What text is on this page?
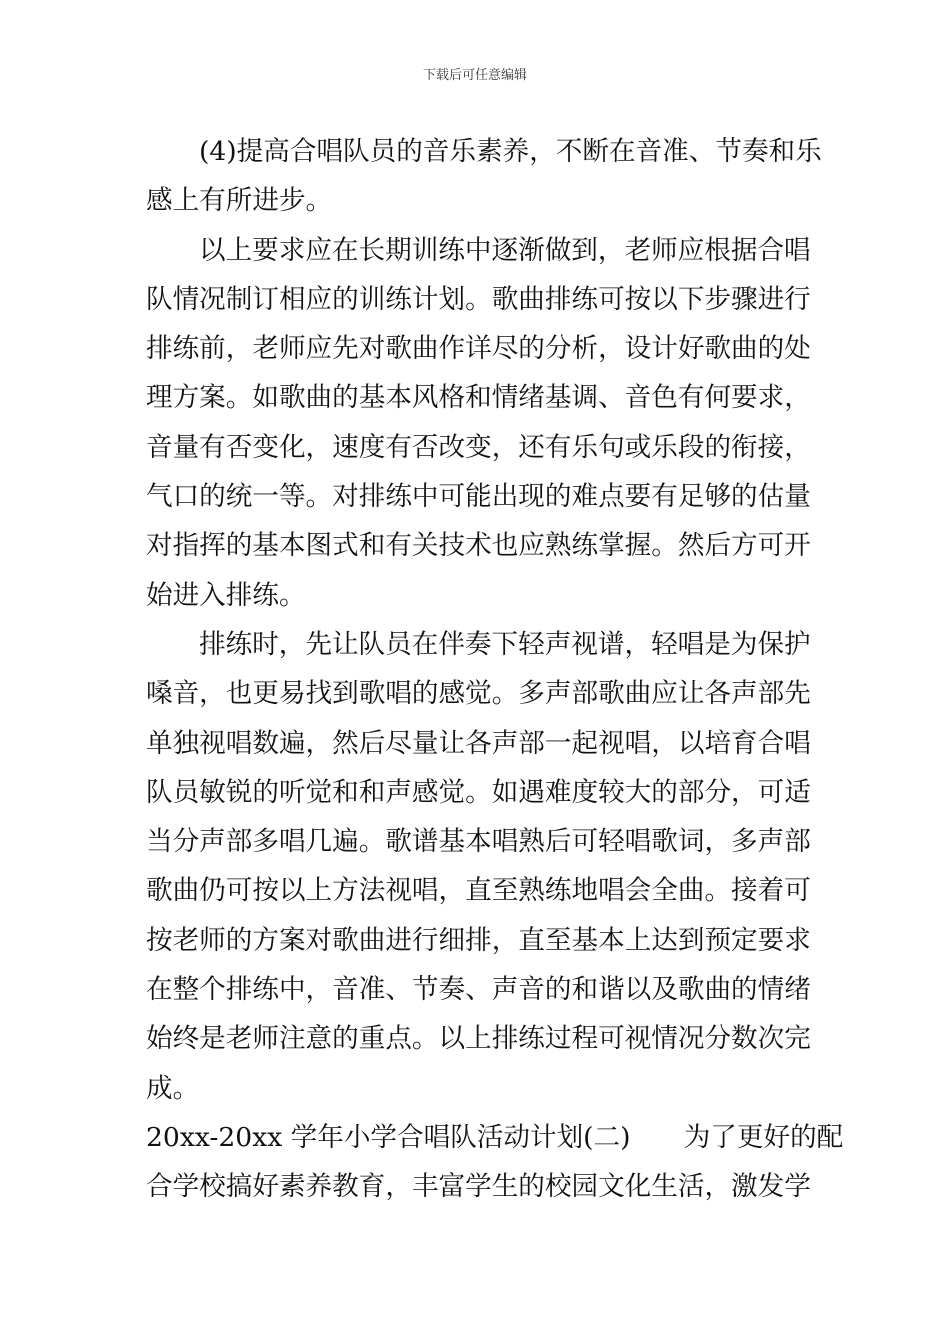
下载后可任意编辑
(4)提高合唱队员的音乐素养，不断在音准、节奏和乐
感上有所进步。
以上要求应在长期训练中逐渐做到，老师应根据合唱
队情况制订相应的训练计划。歌曲排练可按以下步骤进行
排练前，老师应先对歌曲作详尽的分析，设计好歌曲的处
理方案。如歌曲的基本风格和情绪基调、音色有何要求，
音量有否变化，速度有否改变，还有乐句或乐段的衔接，
气口的统一等。对排练中可能出现的难点要有足够的估量
对指挥的基本图式和有关技术也应熟练掌握。然后方可开
始进入排练。
排练时，先让队员在伴奏下轻声视谱，轻唱是为保护
嗓音，也更易找到歌唱的感觉。多声部歌曲应让各声部先
单独视唱数遍，然后尽量让各声部一起视唱，以培育合唱
队员敏锐的听觉和和声感觉。如遇难度较大的部分，可适
当分声部多唱几遍。歌谱基本唱熟后可轻唱歌词，多声部
歌曲仍可按以上方法视唱，直至熟练地唱会全曲。接着可
按老师的方案对歌曲进行细排，直至基本上达到预定要求
在整个排练中，音准、节奏、声音的和谐以及歌曲的情绪
始终是老师注意的重点。以上排练过程可视情况分数次完
成。
20xx-20xx 学年小学合唱队活动计划(二)　　为了更好的配
合学校搞好素养教育，丰富学生的校园文化生活，激发学
